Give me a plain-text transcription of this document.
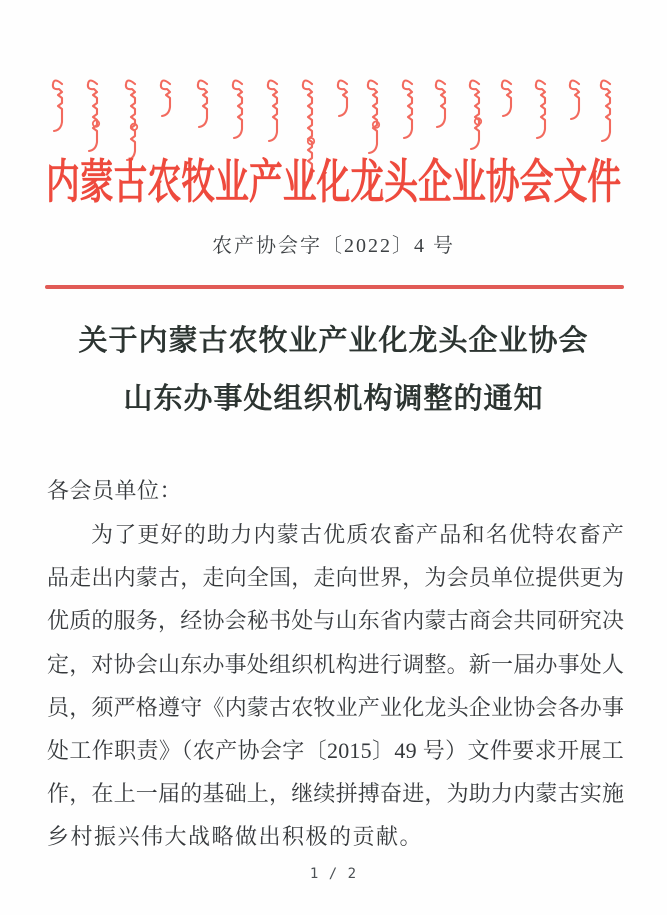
内蒙古农牧业产业化龙头企业协会文件
农产协会字〔2022〕4 号
关于内蒙古农牧业产业化龙头企业协会
山东办事处组织机构调整的通知
各会员单位：
为了更好的助力内蒙古优质农畜产品和名优特农畜产
品走出内蒙古，走向全国，走向世界，为会员单位提供更为
优质的服务，经协会秘书处与山东省内蒙古商会共同研究决
定，对协会山东办事处组织机构进行调整。新一届办事处人
员，须严格遵守《内蒙古农牧业产业化龙头企业协会各办事
处工作职责》（农产协会字〔2015〕49 号）文件要求开展工
作，在上一届的基础上，继续拼搏奋进，为助力内蒙古实施
乡村振兴伟大战略做出积极的贡献。
1 / 2
